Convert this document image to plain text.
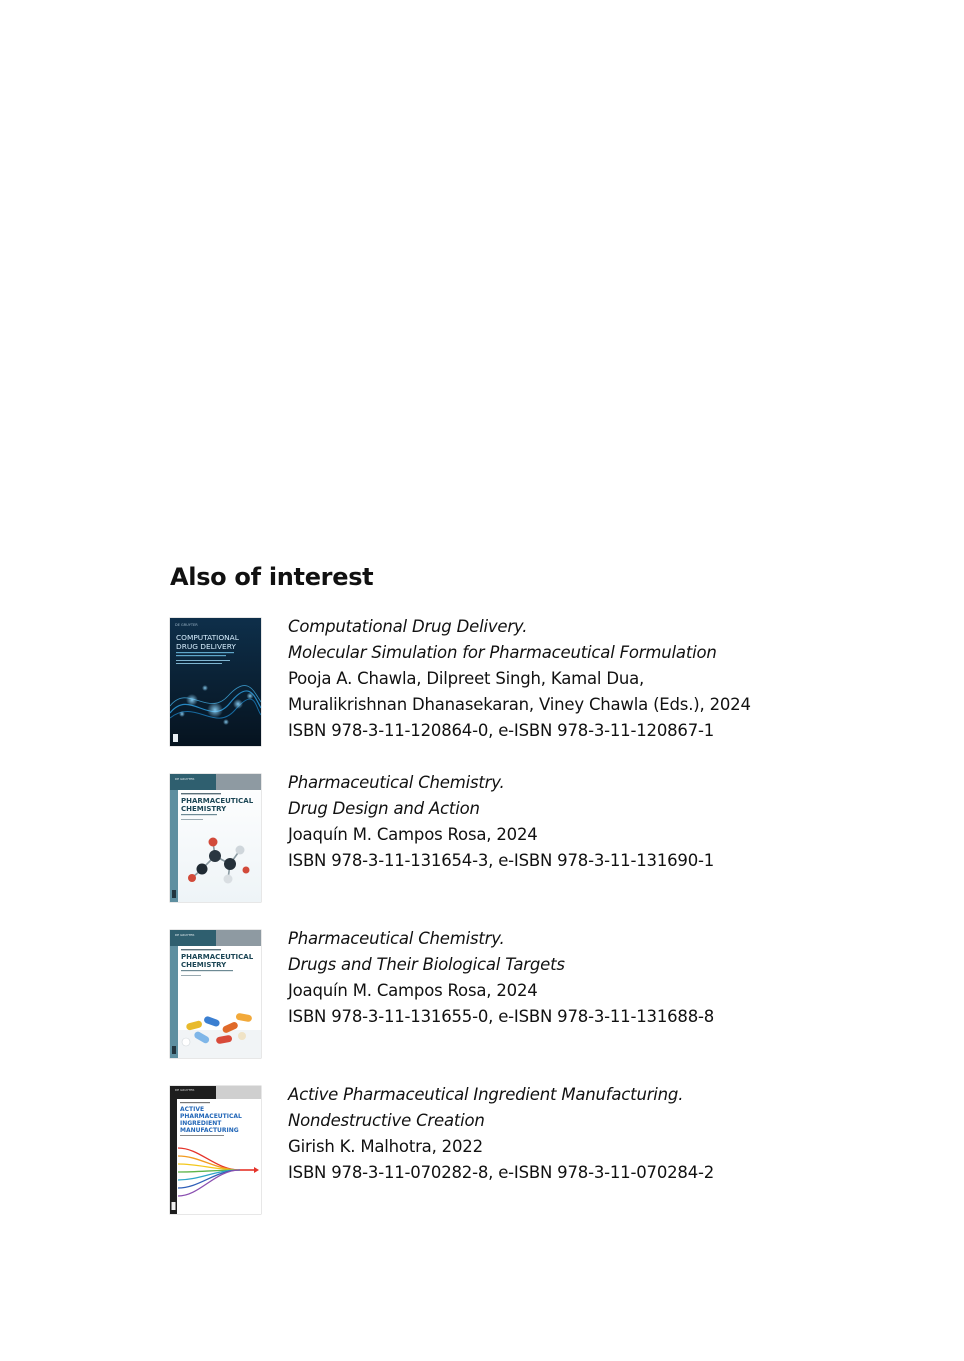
Also of interest
DE GRUYTER
COMPUTATIONAL
DRUG DELIVERY
Computational Drug Delivery.
Molecular Simulation for Pharmaceutical Formulation
Pooja A. Chawla, Dilpreet Singh, Kamal Dua, Muralikrishnan Dhanasekaran, Viney Chawla (Eds.), 2024
ISBN 978-3-11-120864-0, e-ISBN 978-3-11-120867-1
DE GRUYTER
PHARMACEUTICAL
CHEMISTRY
Pharmaceutical Chemistry.
Drug Design and Action
Joaquín M. Campos Rosa, 2024
ISBN 978-3-11-131654-3, e-ISBN 978-3-11-131690-1
DE GRUYTER
PHARMACEUTICAL
CHEMISTRY
Pharmaceutical Chemistry.
Drugs and Their Biological Targets
Joaquín M. Campos Rosa, 2024
ISBN 978-3-11-131655-0, e-ISBN 978-3-11-131688-8
DE GRUYTER
ACTIVE
PHARMACEUTICAL
INGREDIENT
MANUFACTURING
Active Pharmaceutical Ingredient Manufacturing.
Nondestructive Creation
Girish K. Malhotra, 2022
ISBN 978-3-11-070282-8, e-ISBN 978-3-11-070284-2
